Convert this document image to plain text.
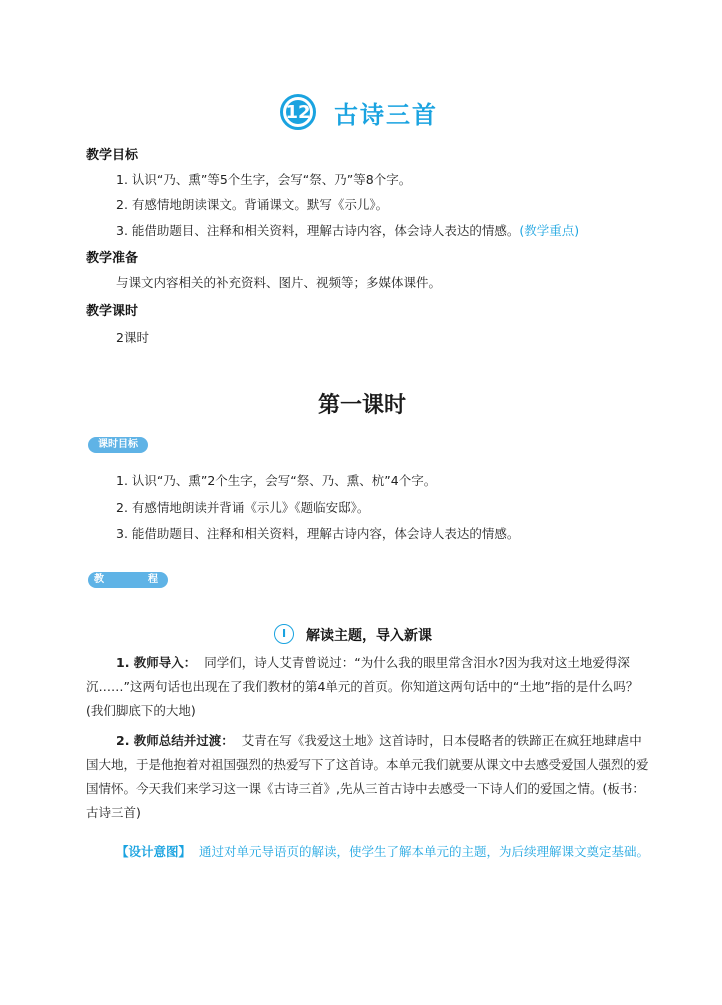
12 古诗三首
教学目标
1. 认识“乃、熏”等5个生字，会写“祭、乃”等8个字。
2. 有感情地朗读课文。背诵课文。默写《示儿》。
3. 能借助题目、注释和相关资料，理解古诗内容，体会诗人表达的情感。(教学重点)
教学准备
与课文内容相关的补充资料、图片、视频等；多媒体课件。
教学课时
2课时
第一课时
课时目标
1. 认识“乃、熏”2个生字，会写“祭、乃、熏、杭”4个字。
2. 有感情地朗读并背诵《示儿》《题临安邸》。
3. 能借助题目、注释和相关资料，理解古诗内容，体会诗人表达的情感。
教	程
I	解读主题，导入新课
1. 教师导入： 同学们，诗人艾青曾说过：“为什么我的眼里常含泪水?因为我对这土地爱得深沉……”这两句话也出现在了我们教材的第4单元的首页。你知道这两句话中的“土地”指的是什么吗？ (我们脚底下的大地)
2. 教师总结并过渡： 艾青在写《我爱这土地》这首诗时，日本侵略者的铁蹄正在疯狂地肆虐中国大地，于是他抱着对祖国强烈的热爱写下了这首诗。本单元我们就要从课文中去感受爱国人强烈的爱国情怀。今天我们来学习这一课《古诗三首》,先从三首古诗中去感受一下诗人们的爱国之情。(板书：古诗三首)
【设计意图】 通过对单元导语页的解读，使学生了解本单元的主题，为后续理解课文奠定基础。
